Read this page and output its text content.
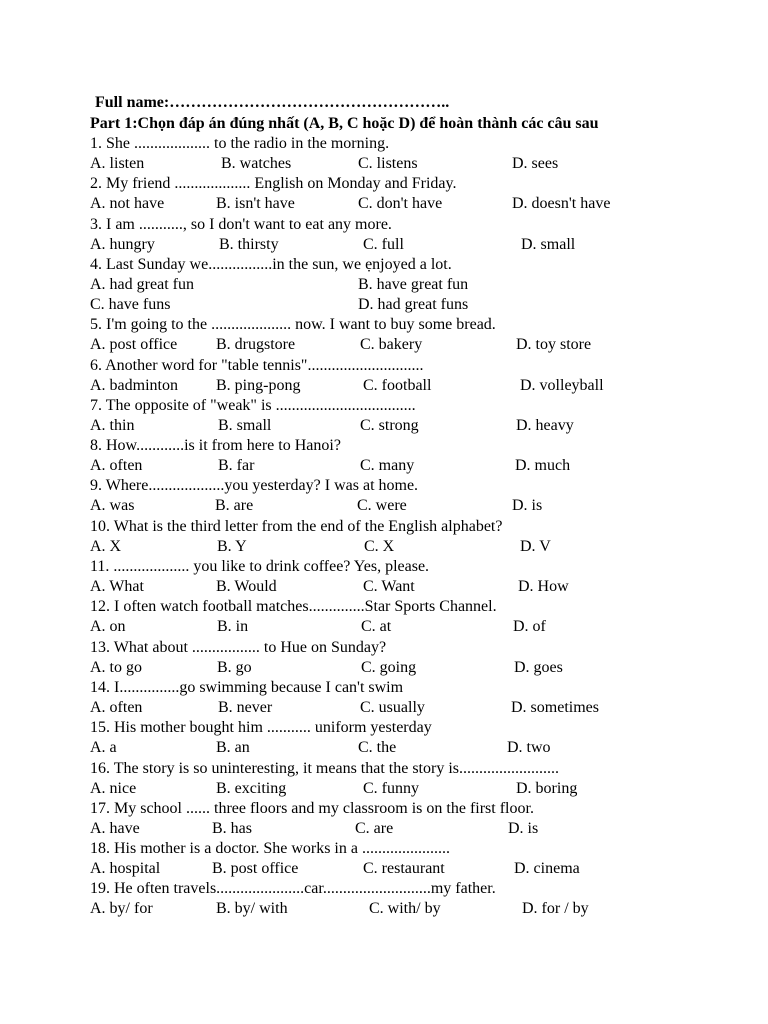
Full name:……………………………………………..
Part 1:Chọn đáp án đúng nhất (A, B, C hoặc D) để hoàn thành các câu sau
1. She ................... to the radio in the morning.
A. listen	B. watches	C. listens	D. sees
2. My friend ................... English on Monday and Friday.
A. not have	B. isn't have	C. don't have	D. doesn't have
3. I am ..........., so I don't want to eat any more.
A. hungry	B. thirsty	C. full	D. small
4. Last Sunday we................in the sun, we ẹnjoyed a lot.
A. had great fun	B. have great fun
C. have funs	D. had great funs
5. I'm going to the .................... now. I want to buy some bread.
A. post office B. drugstore	C. bakery	D. toy store
6. Another word for "table tennis".............................
A. badminton B. ping-pong	C. football	D. volleyball
7. The opposite of "weak" is ...................................
A. thin	B. small	C. strong	D. heavy
8. How............is it from here to Hanoi?
A. often	B. far	C. many	D. much
9. Where...................you yesterday? I was at home.
A. was	B. are	C. were	D. is
10. What is the third letter from the end of the English alphabet?
A. X	B. Y	C. X	D. V
11. ................... you like to drink coffee? Yes, please.
A. What	B. Would	C. Want	D. How
12. I often watch football matches..............Star Sports Channel.
A. on	B. in	C. at	D. of
13. What about ................. to Hue on Sunday?
A. to go	B. go	C. going	D. goes
14. I...............go swimming because I can't swim
A. often	B. never	C. usually	D. sometimes
15. His mother bought him ........... uniform yesterday
A. a	B. an	C. the	D. two
16. The story is so uninteresting, it means that the story is.........................
A. nice	B. exciting	C. funny	D. boring
17. My school ...... three floors and my classroom is on the first floor.
A. have	B. has	C. are	D. is
18. His mother is a doctor. She works in a ......................
A. hospital	B. post office	C. restaurant	D. cinema
19. He often travels......................car...........................my father.
A. by/ for	B. by/ with	C. with/ by	D. for / by
